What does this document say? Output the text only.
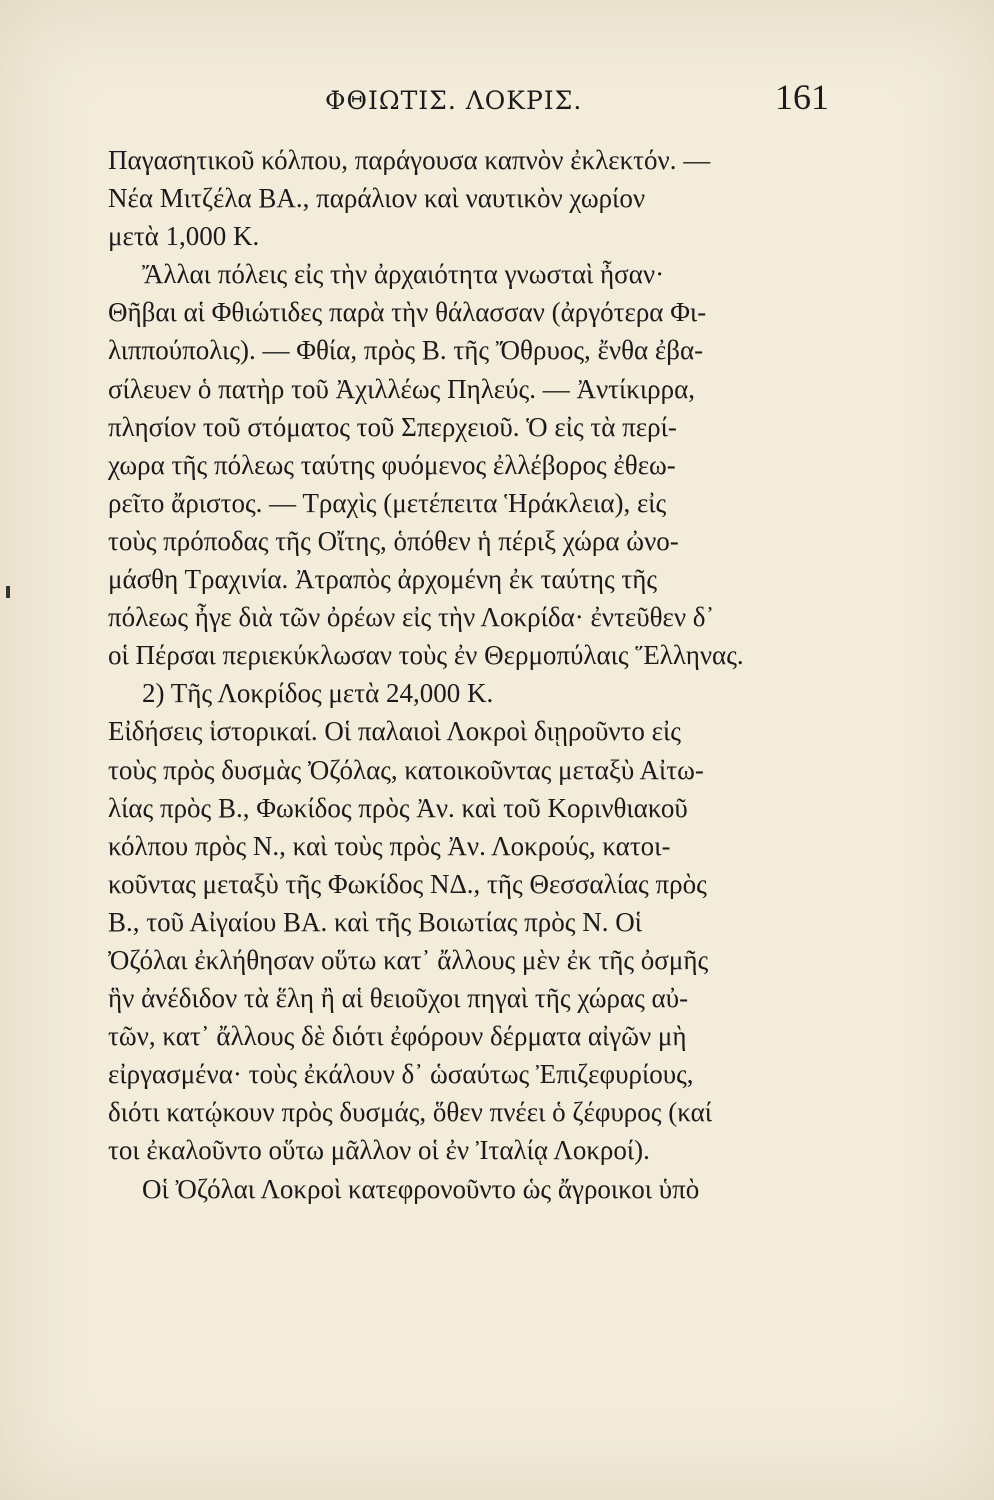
ΦΘΙΩΤΙΣ. ΛΟΚΡΙΣ.	161
Παγασητικοῦ κόλπου, παράγουσα καπνὸν ἐκλεκτόν. —
Νέα Μιτζέλα ΒΑ., παράλιον καὶ ναυτικὸν χωρίον
μετὰ 1,000 Κ.
Ἄλλαι πόλεις εἰς τὴν ἀρχαιότητα γνωσταὶ ἦσαν·
Θῆβαι αἱ Φθιώτιδες παρὰ τὴν θάλασσαν (ἀργότερα Φι-
λιππούπολις). — Φθία, πρὸς Β. τῆς Ὄθρυος, ἔνθα ἐβα-
σίλευεν ὁ πατὴρ τοῦ Ἀχιλλέως Πηλεύς. — Ἀντίκιρρα,
πλησίον τοῦ στόματος τοῦ Σπερχειοῦ. Ὁ εἰς τὰ περί-
χωρα τῆς πόλεως ταύτης φυόμενος ἐλλέβορος ἐθεω-
ρεῖτο ἄριστος. — Τραχὶς (μετέπειτα Ἡράκλεια), εἰς
τοὺς πρόποδας τῆς Οἴτης, ὁπόθεν ἡ πέριξ χώρα ὠνο-
μάσθη Τραχινία. Ἀτραπὸς ἀρχομένη ἐκ ταύτης τῆς
πόλεως ἦγε διὰ τῶν ὀρέων εἰς τὴν Λοκρίδα· ἐντεῦθεν δ᾽
οἱ Πέρσαι περιεκύκλωσαν τοὺς ἐν Θερμοπύλαις Ἕλληνας.
2) Τῆς Λοκρίδος μετὰ 24,000 Κ.
Εἰδήσεις ἱστορικαί. Οἱ παλαιοὶ Λοκροὶ διῃροῦντο εἰς
τοὺς πρὸς δυσμὰς Ὀζόλας, κατοικοῦντας μεταξὺ Αἰτω-
λίας πρὸς Β., Φωκίδος πρὸς Ἀν. καὶ τοῦ Κορινθιακοῦ
κόλπου πρὸς Ν., καὶ τοὺς πρὸς Ἀν. Λοκρούς, κατοι-
κοῦντας μεταξὺ τῆς Φωκίδος ΝΔ., τῆς Θεσσαλίας πρὸς
Β., τοῦ Αἰγαίου ΒΑ. καὶ τῆς Βοιωτίας πρὸς Ν. Οἱ
Ὀζόλαι ἐκλήθησαν οὕτω κατ᾽ ἄλλους μὲν ἐκ τῆς ὀσμῆς
ἣν ἀνέδιδον τὰ ἕλη ἢ αἱ θειοῦχοι πηγαὶ τῆς χώρας αὐ-
τῶν, κατ᾽ ἄλλους δὲ διότι ἐφόρουν δέρματα αἰγῶν μὴ
εἰργασμένα· τοὺς ἐκάλουν δ᾽ ὡσαύτως Ἐπιζεφυρίους,
διότι κατῴκουν πρὸς δυσμάς, ὅθεν πνέει ὁ ζέφυρος (καί
τοι ἐκαλοῦντο οὕτω μᾶλλον οἱ ἐν Ἰταλίᾳ Λοκροί).
Οἱ Ὀζόλαι Λοκροὶ κατεφρονοῦντο ὡς ἄγροικοι ὑπὸ
